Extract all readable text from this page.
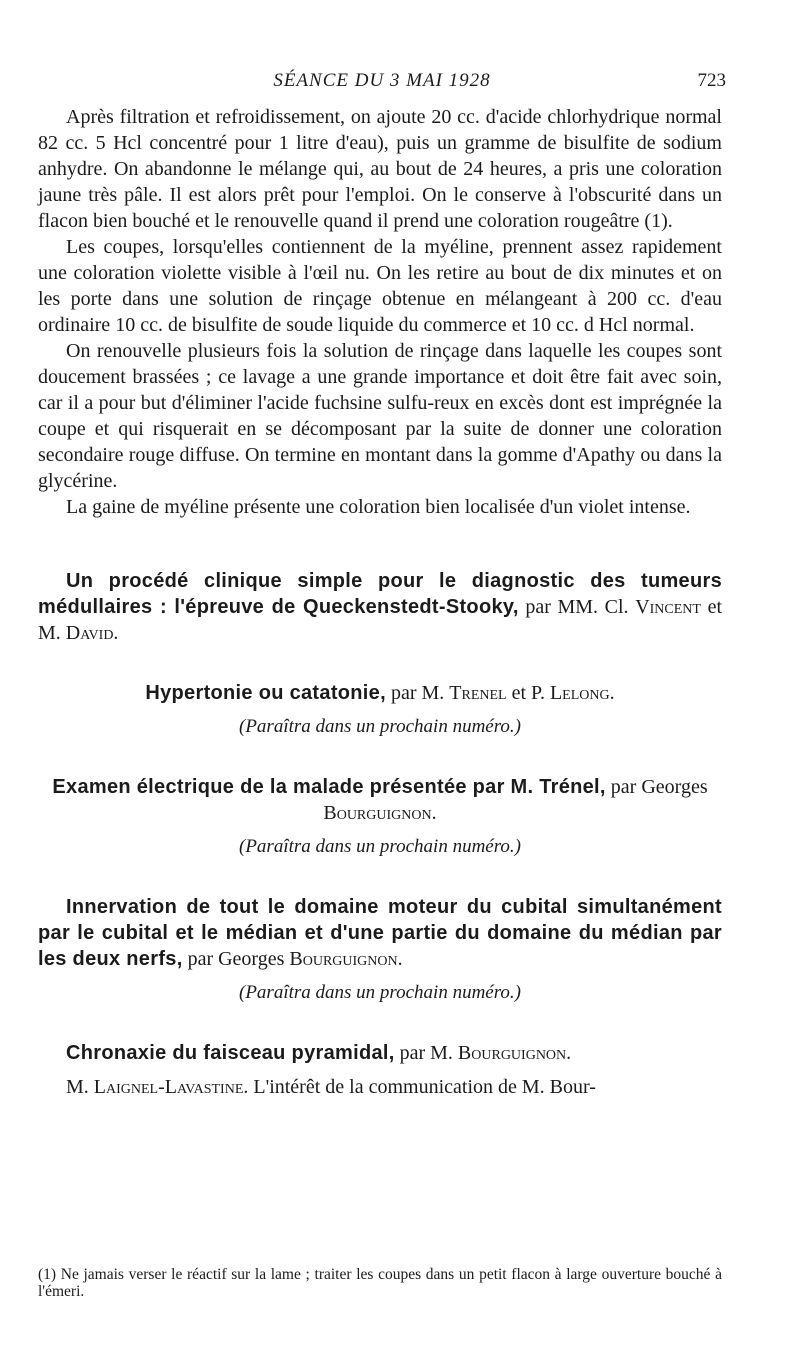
SÉANCE DU 3 MAI 1928	723

Après filtration et refroidissement, on ajoute 20 cc. d'acide chlorhydrique normal 82 cc. 5 Hcl concentré pour 1 litre d'eau), puis un gramme de bisulfite de sodium anhydre. On abandonne le mélange qui, au bout de 24 heures, a pris une coloration jaune très pâle. Il est alors prêt pour l'emploi. On le conserve à l'obscurité dans un flacon bien bouché et le renouvelle quand il prend une coloration rougeâtre (1).

Les coupes, lorsqu'elles contiennent de la myéline, prennent assez rapidement une coloration violette visible à l'œil nu. On les retire au bout de dix minutes et on les porte dans une solution de rinçage obtenue en mélangeant à 200 cc. d'eau ordinaire 10 cc. de bisulfite de soude liquide du commerce et 10 cc. d Hcl normal.

On renouvelle plusieurs fois la solution de rinçage dans laquelle les coupes sont doucement brassées ; ce lavage a une grande importance et doit être fait avec soin, car il a pour but d'éliminer l'acide fuchsine sulfu-reux en excès dont est imprégnée la coupe et qui risquerait en se décomposant par la suite de donner une coloration secondaire rouge diffuse. On termine en montant dans la gomme d'Apathy ou dans la glycérine.

La gaine de myéline présente une coloration bien localisée d'un violet intense.

Un procédé clinique simple pour le diagnostic des tumeurs médullaires : l'épreuve de Queckenstedt-Stooky, par MM. Cl. Vincent et M. David.

Hypertonie ou catatonie, par M. Trenel et P. Lelong.

(Paraîtra dans un prochain numéro.)

Examen électrique de la malade présentée par M. Trénel, par Georges Bourguignon.

(Paraîtra dans un prochain numéro.)

Innervation de tout le domaine moteur du cubital simultanément par le cubital et le médian et d'une partie du domaine du médian par les deux nerfs, par Georges Bourguignon.

(Paraîtra dans un prochain numéro.)

Chronaxie du faisceau pyramidal, par M. Bourguignon.

M. Laignel-Lavastine. L'intérêt de la communication de M. Bour-

(1) Ne jamais verser le réactif sur la lame ; traiter les coupes dans un petit flacon à large ouverture bouché à l'émeri.
